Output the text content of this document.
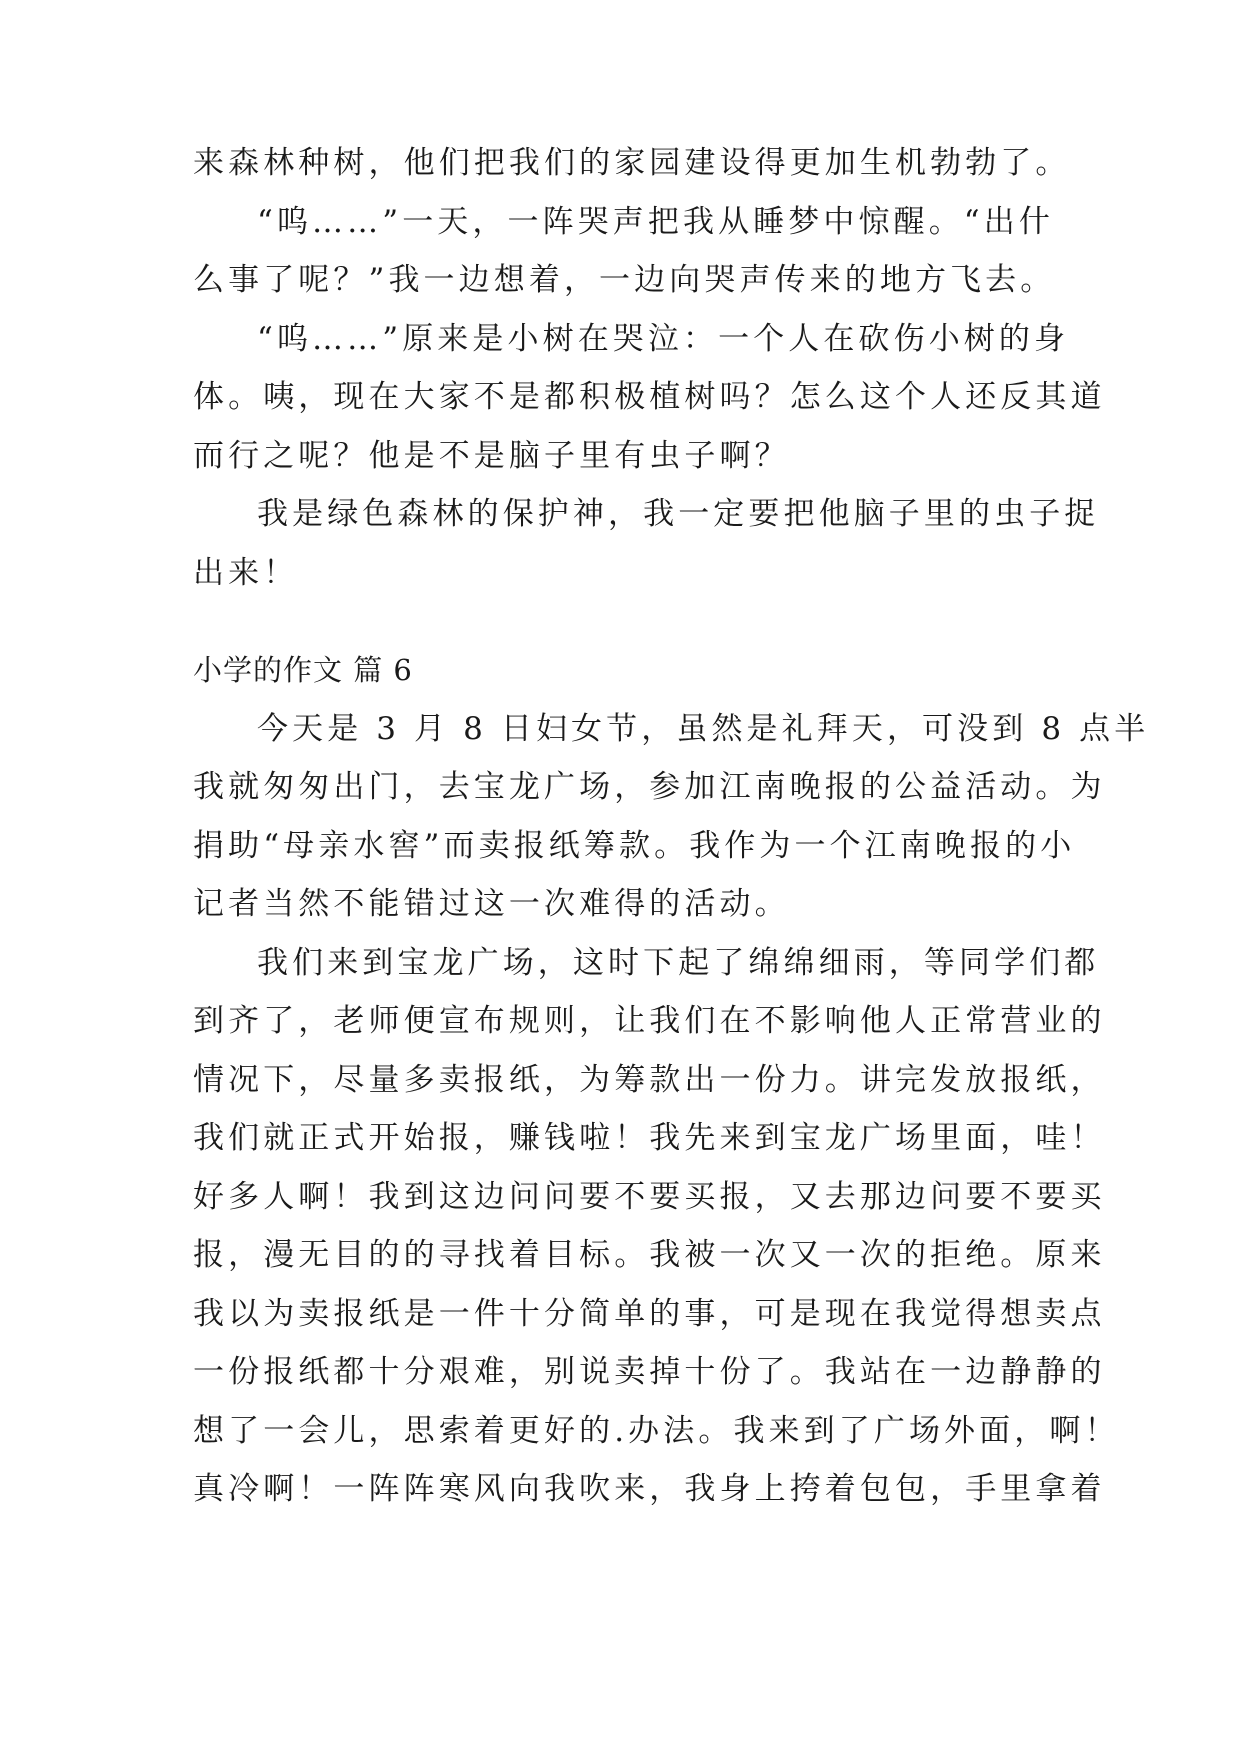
来森林种树，他们把我们的家园建设得更加生机勃勃了。
“呜……”一天，一阵哭声把我从睡梦中惊醒。“出什
么事了呢？”我一边想着，一边向哭声传来的地方飞去。
“呜……”原来是小树在哭泣：一个人在砍伤小树的身
体。咦，现在大家不是都积极植树吗？怎么这个人还反其道
而行之呢？他是不是脑子里有虫子啊？
我是绿色森林的保护神，我一定要把他脑子里的虫子捉
出来！
小学的作文 篇 6
今天是 3 月 8 日妇女节，虽然是礼拜天，可没到 8 点半
我就匆匆出门，去宝龙广场，参加江南晚报的公益活动。为
捐助“母亲水窖”而卖报纸筹款。我作为一个江南晚报的小
记者当然不能错过这一次难得的活动。
我们来到宝龙广场，这时下起了绵绵细雨，等同学们都
到齐了，老师便宣布规则，让我们在不影响他人正常营业的
情况下，尽量多卖报纸，为筹款出一份力。讲完发放报纸，
我们就正式开始报，赚钱啦！我先来到宝龙广场里面，哇！
好多人啊！我到这边问问要不要买报，又去那边问要不要买
报，漫无目的的寻找着目标。我被一次又一次的拒绝。原来
我以为卖报纸是一件十分简单的事，可是现在我觉得想卖点
一份报纸都十分艰难，别说卖掉十份了。我站在一边静静的
想了一会儿，思索着更好的.办法。我来到了广场外面，啊！
真冷啊！一阵阵寒风向我吹来，我身上挎着包包，手里拿着
